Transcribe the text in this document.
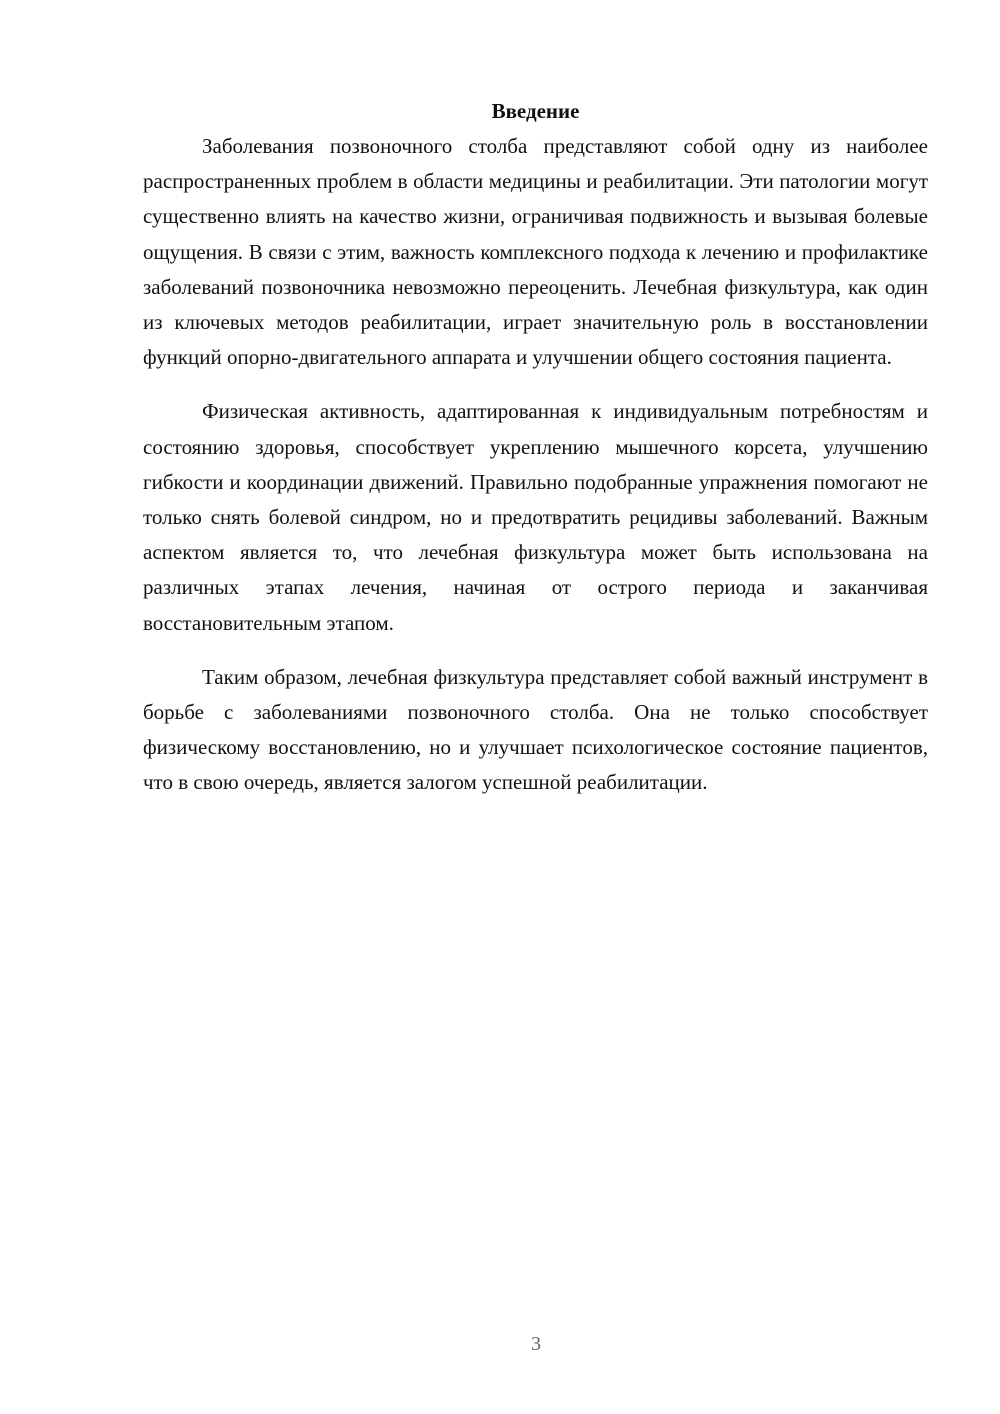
Введение

Заболевания позвоночного столба представляют собой одну из наиболее распространенных проблем в области медицины и реабилитации. Эти патологии могут существенно влиять на качество жизни, ограничивая подвижность и вызывая болевые ощущения. В связи с этим, важность комплексного подхода к лечению и профилактике заболеваний позвоночника невозможно переоценить. Лечебная физкультура, как один из ключевых методов реабилитации, играет значительную роль в восстановлении функций опорно-двигательного аппарата и улучшении общего состояния пациента.

Физическая активность, адаптированная к индивидуальным потребностям и состоянию здоровья, способствует укреплению мышечного корсета, улучшению гибкости и координации движений. Правильно подобранные упражнения помогают не только снять болевой синдром, но и предотвратить рецидивы заболеваний. Важным аспектом является то, что лечебная физкультура может быть использована на различных этапах лечения, начиная от острого периода и заканчивая восстановительным этапом.

Таким образом, лечебная физкультура представляет собой важный инструмент в борьбе с заболеваниями позвоночного столба. Она не только способствует физическому восстановлению, но и улучшает психологическое состояние пациентов, что в свою очередь, является залогом успешной реабилитации.

3
